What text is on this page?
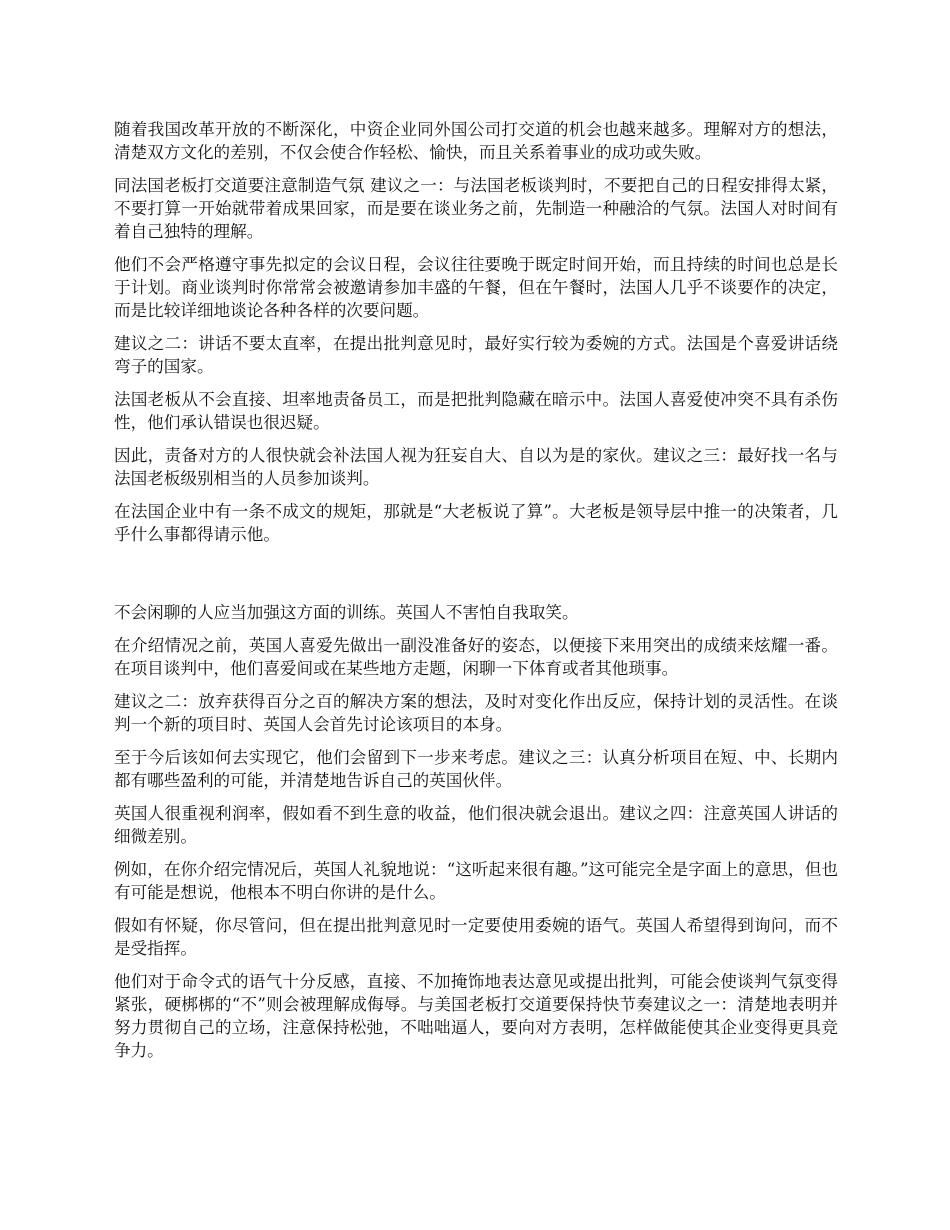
随着我国改革开放的不断深化，中资企业同外国公司打交道的机会也越来越多。理解对方的想法，清楚双方文化的差别，不仅会使合作轻松、愉快，而且关系着事业的成功或失败。

同法国老板打交道要注意制造气氛 建议之一：与法国老板谈判时，不要把自己的日程安排得太紧，不要打算一开始就带着成果回家，而是要在谈业务之前，先制造一种融洽的气氛。法国人对时间有着自己独特的理解。

他们不会严格遵守事先拟定的会议日程，会议往往要晚于既定时间开始，而且持续的时间也总是长于计划。商业谈判时你常常会被邀请参加丰盛的午餐，但在午餐时，法国人几乎不谈要作的决定，而是比较详细地谈论各种各样的次要问题。

建议之二：讲话不要太直率，在提出批判意见时，最好实行较为委婉的方式。法国是个喜爱讲话绕弯子的国家。

法国老板从不会直接、坦率地责备员工，而是把批判隐藏在暗示中。法国人喜爱使冲突不具有杀伤性，他们承认错误也很迟疑。

因此，责备对方的人很快就会补法国人视为狂妄自大、自以为是的家伙。建议之三：最好找一名与法国老板级别相当的人员参加谈判。

在法国企业中有一条不成文的规矩，那就是“大老板说了算”。大老板是领导层中推一的决策者，几乎什么事都得请示他。

不会闲聊的人应当加强这方面的训练。英国人不害怕自我取笑。

在介绍情况之前，英国人喜爱先做出一副没准备好的姿态，以便接下来用突出的成绩来炫耀一番。在项目谈判中，他们喜爱间或在某些地方走题，闲聊一下体育或者其他琐事。

建议之二：放弃获得百分之百的解决方案的想法，及时对变化作出反应，保持计划的灵活性。在谈判一个新的项目时、英国人会首先讨论该项目的本身。

至于今后该如何去实现它，他们会留到下一步来考虑。建议之三：认真分析项目在短、中、长期内都有哪些盈利的可能，并清楚地告诉自己的英国伙伴。

英国人很重视利润率，假如看不到生意的收益，他们很决就会退出。建议之四：注意英国人讲话的细微差别。

例如，在你介绍完情况后，英国人礼貌地说：“这听起来很有趣。”这可能完全是字面上的意思，但也有可能是想说，他根本不明白你讲的是什么。

假如有怀疑，你尽管问，但在提出批判意见时一定要使用委婉的语气。英国人希望得到询问，而不是受指挥。

他们对于命令式的语气十分反感，直接、不加掩饰地表达意见或提出批判，可能会使谈判气氛变得紧张，硬梆梆的“不”则会被理解成侮辱。与美国老板打交道要保持快节奏建议之一：清楚地表明并努力贯彻自己的立场，注意保持松弛，不咄咄逼人，要向对方表明，怎样做能使其企业变得更具竞争力。
